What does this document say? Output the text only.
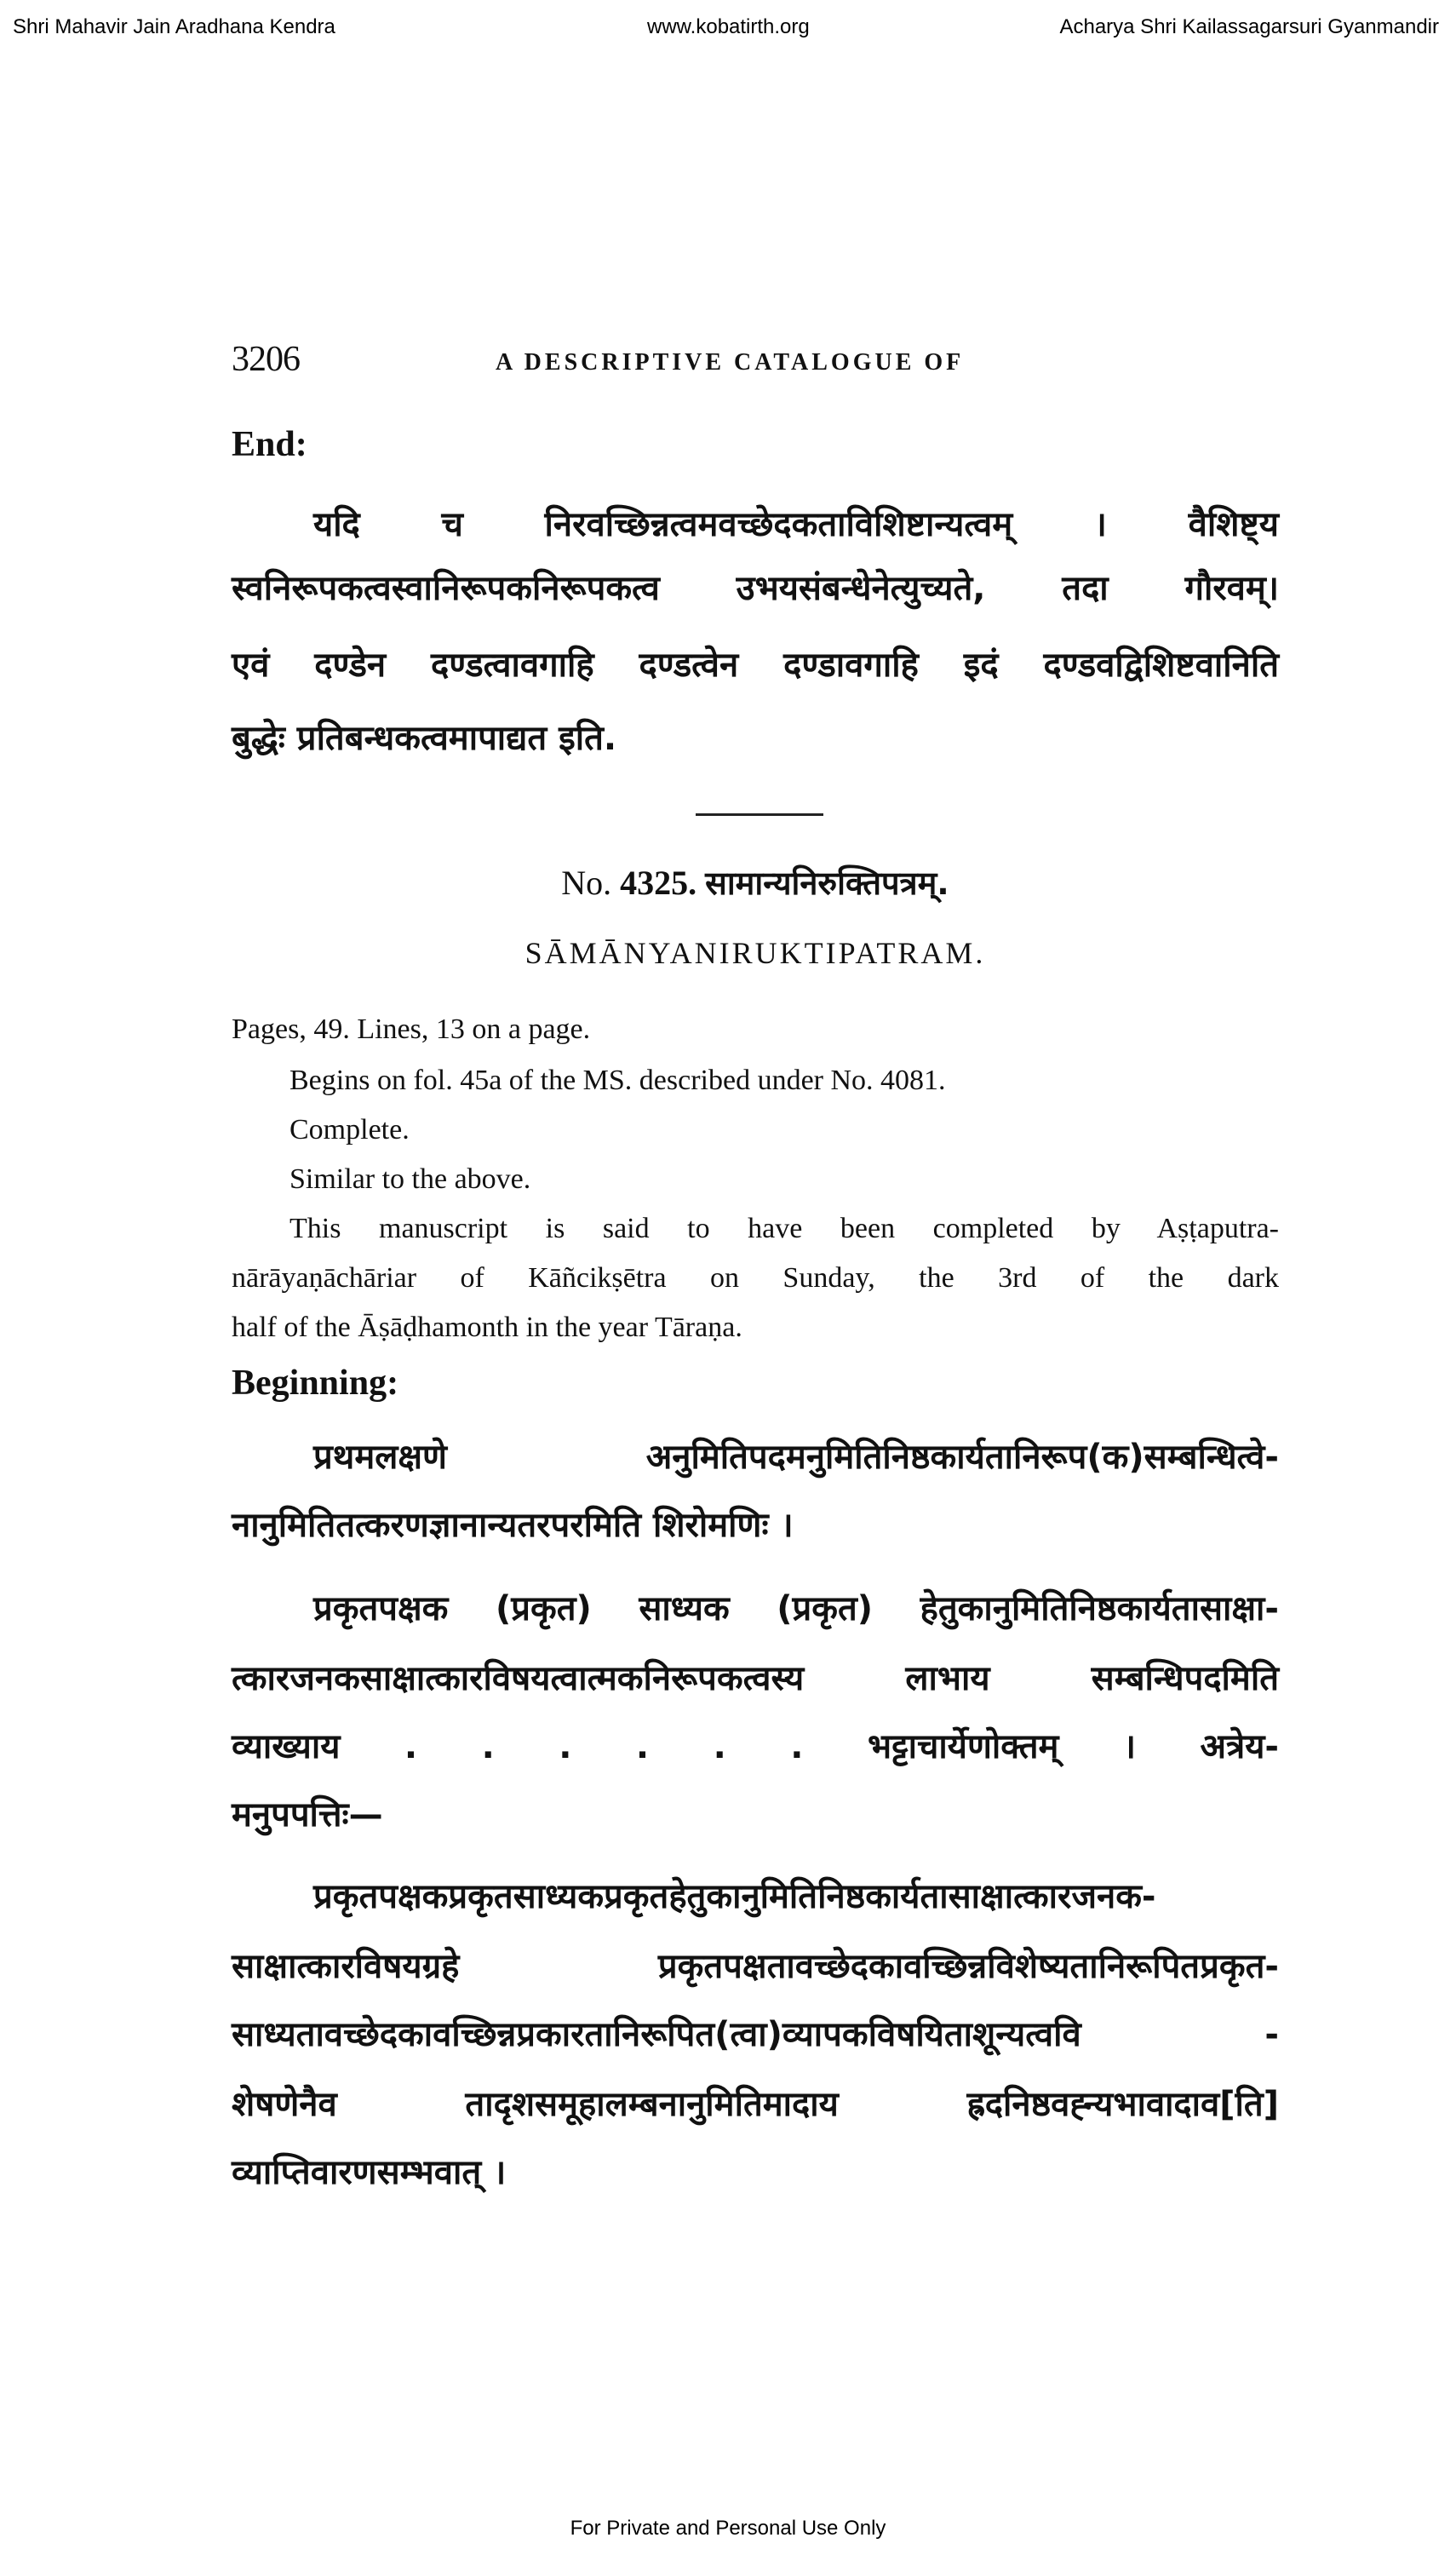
Shri Mahavir Jain Aradhana Kendra	www.kobatirth.org	Acharya Shri Kailassagarsuri Gyanmandir
3206	A DESCRIPTIVE CATALOGUE OF
End:
यदि च निरवच्छिन्नत्वमवच्छेदकताविशिष्टान्यत्वम् । वैशिष्ट्य
स्वनिरूपकत्वस्वानिरूपकनिरूपकत्व उभयसंबन्धेनेत्युच्यते, तदा गौरवम्।
एवं दण्डेन दण्डत्वावगाहि दण्डत्वेन दण्डावगाहि इदं दण्डवद्विशिष्टवानिति
बुद्धेः प्रतिबन्धकत्वमापाद्यत इति.
No. 4325. सामान्यनिरुक्तिपत्रम्.
SĀMĀNYANIRUKTIPATRAM.
Pages, 49. Lines, 13 on a page.
Begins on fol. 45a of the MS. described under No. 4081.
Complete.
Similar to the above.
This manuscript is said to have been completed by Aṣṭaputra-
nārāyaṇāchāriar of Kāñcikṣētra on Sunday, the 3rd of the dark
half of the Āṣāḍhamonth in the year Tāraṇa.
Beginning:
प्रथमलक्षणे अनुमितिपदमनुमितिनिष्ठकार्यतानिरूप(क)सम्बन्धित्वे-
नानुमितितत्करणज्ञानान्यतरपरमिति शिरोमणिः ।
प्रकृतपक्षक (प्रकृत) साध्यक (प्रकृत) हेतुकानुमितिनिष्ठकार्यतासाक्षा-
त्कारजनकसाक्षात्कारविषयत्वात्मकनिरूपकत्वस्य लाभाय सम्बन्धिपदमिति
व्याख्याय . . . . . . भट्टाचार्येणोक्तम् । अत्रेय-
मनुपपत्तिः—
प्रकृतपक्षकप्रकृतसाध्यकप्रकृतहेतुकानुमितिनिष्ठकार्यतासाक्षात्कारजनक-
साक्षात्कारविषयग्रहे प्रकृतपक्षतावच्छेदकावच्छिन्नविशेष्यतानिरूपितप्रकृत-
साध्यतावच्छेदकावच्छिन्नप्रकारतानिरूपित(त्वा)व्यापकविषयिताशून्यत्ववि -
शेषणेनैव तादृशसमूहालम्बनानुमितिमादाय ह्रदनिष्ठवह्न्यभावादाव[ति]
व्याप्तिवारणसम्भवात् ।
For Private and Personal Use Only
